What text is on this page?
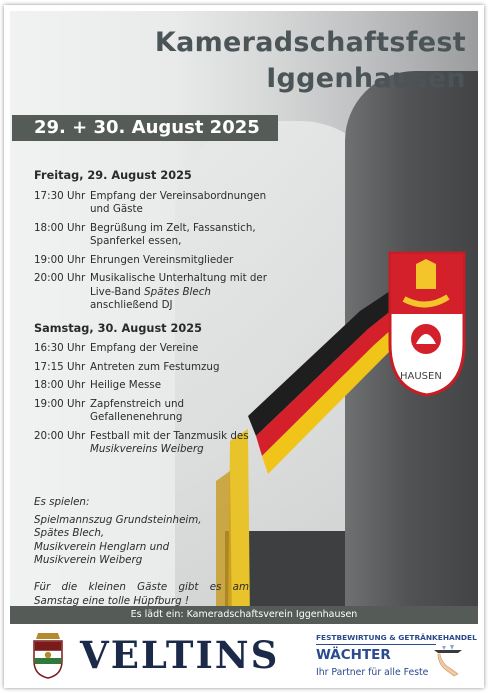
HAUSEN
Kameradschaftsfest
Iggenhausen
29. + 30. August 2025
Freitag, 29. August 2025
17:30 Uhr Empfang der Vereinsabordnungen und Gäste
18:00 Uhr Begrüßung im Zelt, Fassanstich, Spanferkel essen,
19:00 Uhr Ehrungen Vereinsmitglieder
20:00 Uhr Musikalische Unterhaltung mit der Live-Band Spätes Blech anschließend DJ
Samstag, 30. August 2025
16:30 Uhr Empfang der Vereine
17:15 Uhr Antreten zum Festumzug
18:00 Uhr Heilige Messe
19:00 Uhr Zapfenstreich und Gefallenenehrung
20:00 Uhr Festball mit der Tanzmusik des Musikvereins Weiberg
Es spielen:
Spielmannszug Grundsteinheim,
Spätes Blech,
Musikverein Henglarn und
Musikverein Weiberg
Für die kleinen Gäste gibt es am Samstag eine tolle Hüpfburg !
Es lädt ein: Kameradschaftsverein Iggenhausen
VELTINS	FESTBEWIRTUNG & GETRÄNKEHANDEL
WÄCHTER
Ihr Partner für alle Feste
